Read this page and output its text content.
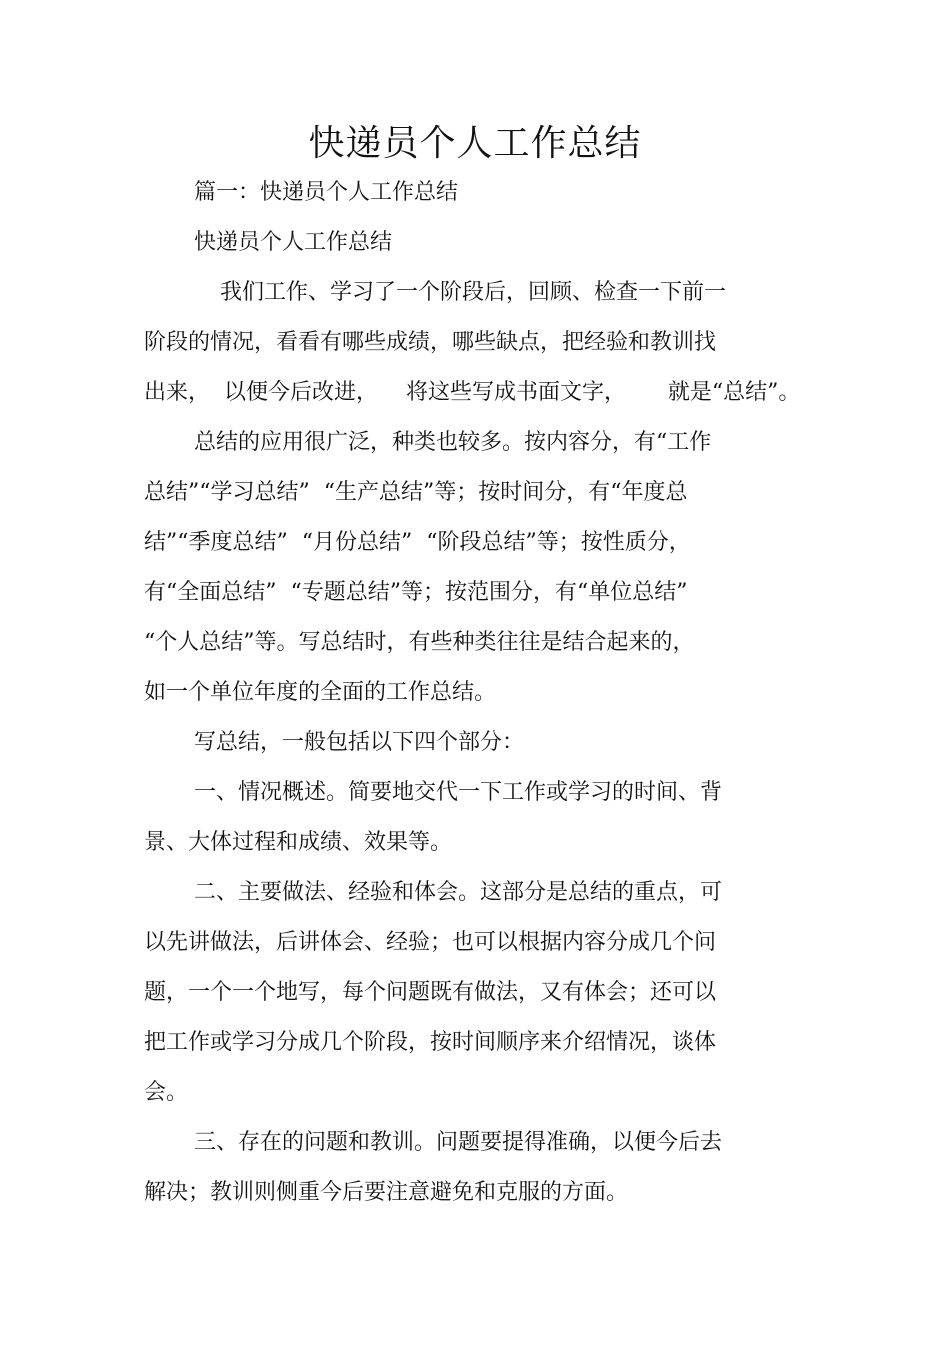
快递员个人工作总结

篇一：快递员个人工作总结

快递员个人工作总结

我们工作、学习了一个阶段后，回顾、检查一下前一

阶段的情况，看看有哪些成绩，哪些缺点，把经验和教训找

出来，  以便今后改进，    将这些写成书面文字，      就是“总结”。

总结的应用很广泛，种类也较多。按内容分，有“工作

总结”“学习总结”  “生产总结”等；按时间分，有“年度总

结”“季度总结”  “月份总结”  “阶段总结”等；按性质分，

有“全面总结”  “专题总结”等；按范围分，有“单位总结”

“个人总结”等。写总结时，有些种类往往是结合起来的，

如一个单位年度的全面的工作总结。

写总结，一般包括以下四个部分：

一、情况概述。简要地交代一下工作或学习的时间、背

景、大体过程和成绩、效果等。

二、主要做法、经验和体会。这部分是总结的重点，可

以先讲做法，后讲体会、经验；也可以根据内容分成几个问

题，一个一个地写，每个问题既有做法，又有体会；还可以

把工作或学习分成几个阶段，按时间顺序来介绍情况，谈体

会。

三、存在的问题和教训。问题要提得准确，以便今后去

解决；教训则侧重今后要注意避免和克服的方面。
